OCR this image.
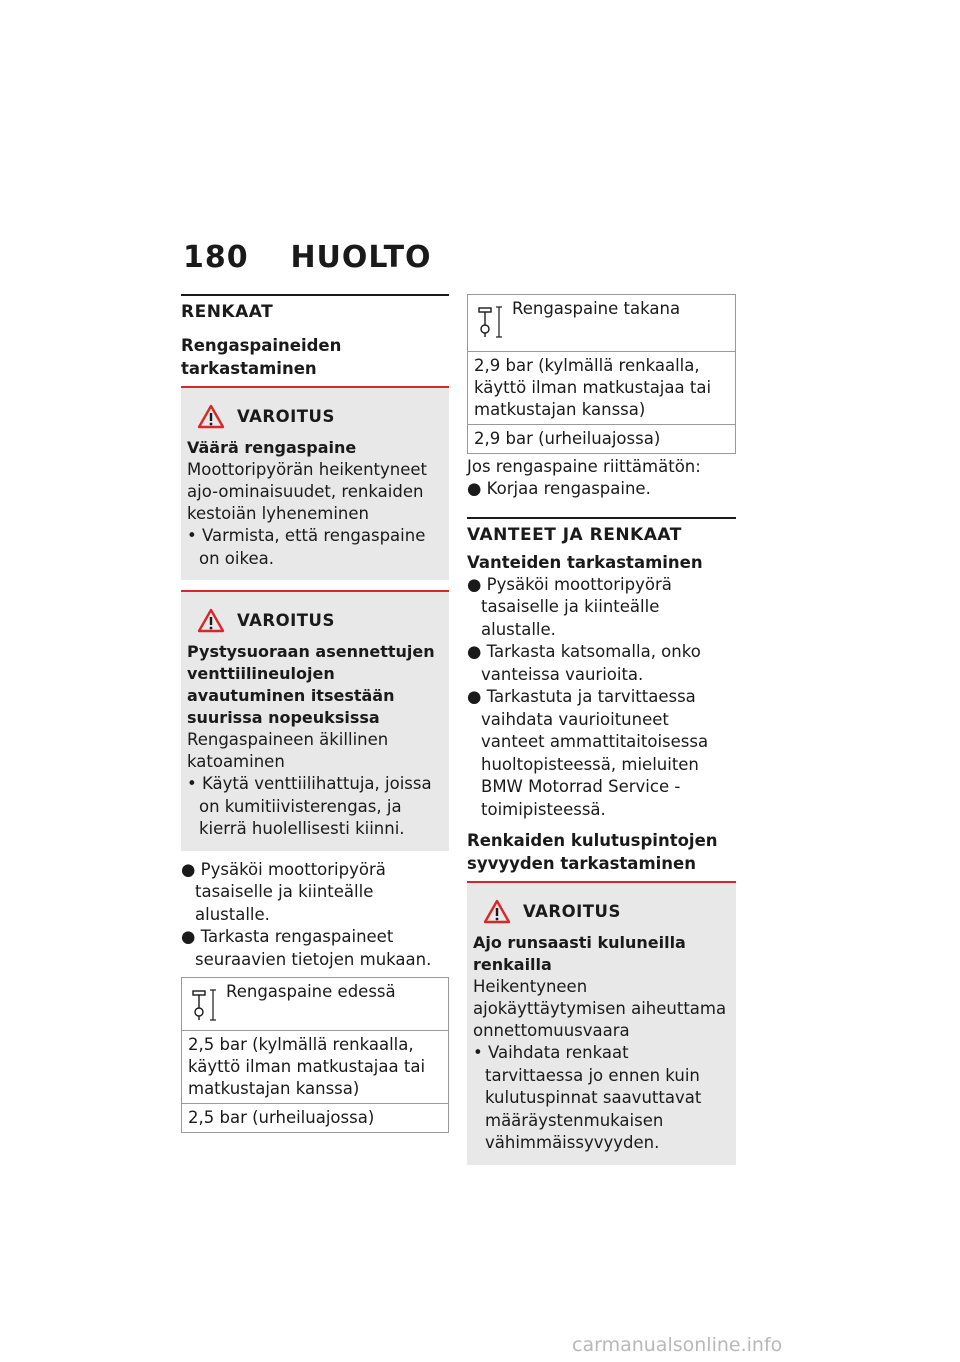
180 HUOLTO
RENKAAT
Rengaspaineiden tarkastaminen
VAROITUS
Väärä rengaspaine
Moottoripyörän heikentyneet ajo-ominaisuudet, renkaiden kestoiän lyheneminen
• Varmista, että rengaspaine on oikea.
VAROITUS
Pystysuoraan asennettujen venttiilineulojen avautuminen itsestään suurissa nopeuksissa
Rengaspaineen äkillinen katoaminen
• Käytä venttiilihattuja, joissa on kumitiivisterengas, ja kierrä huolellisesti kiinni.
● Pysäköi moottoripyörä tasaiselle ja kiinteälle alustalle.
● Tarkasta rengaspaineet seuraavien tietojen mukaan.
Rengaspaine edessä
2,5 bar (kylmällä renkaalla, käyttö ilman matkustajaa tai matkustajan kanssa)
2,5 bar (urheiluajossa)
Rengaspaine takana
2,9 bar (kylmällä renkaalla, käyttö ilman matkustajaa tai matkustajan kanssa)
2,9 bar (urheiluajossa)
Jos rengaspaine riittämätön:
● Korjaa rengaspaine.
VANTEET JA RENKAAT
Vanteiden tarkastaminen
● Pysäköi moottoripyörä tasaiselle ja kiinteälle alustalle.
● Tarkasta katsomalla, onko vanteissa vaurioita.
● Tarkastuta ja tarvittaessa vaihdata vaurioituneet vanteet ammattitaitoisessa huoltopisteessä, mieluiten BMW Motorrad Service -toimipisteessä.
Renkaiden kulutuspintojen syvyyden tarkastaminen
VAROITUS
Ajo runsaasti kuluneilla renkailla
Heikentyneen ajokäyttäytymisen aiheuttama onnettomuusvaara
• Vaihdata renkaat tarvittaessa jo ennen kuin kulutuspinnat saavuttavat määräystenmukaisen vähimmäissyvyyden.
carmanualsonline.info
